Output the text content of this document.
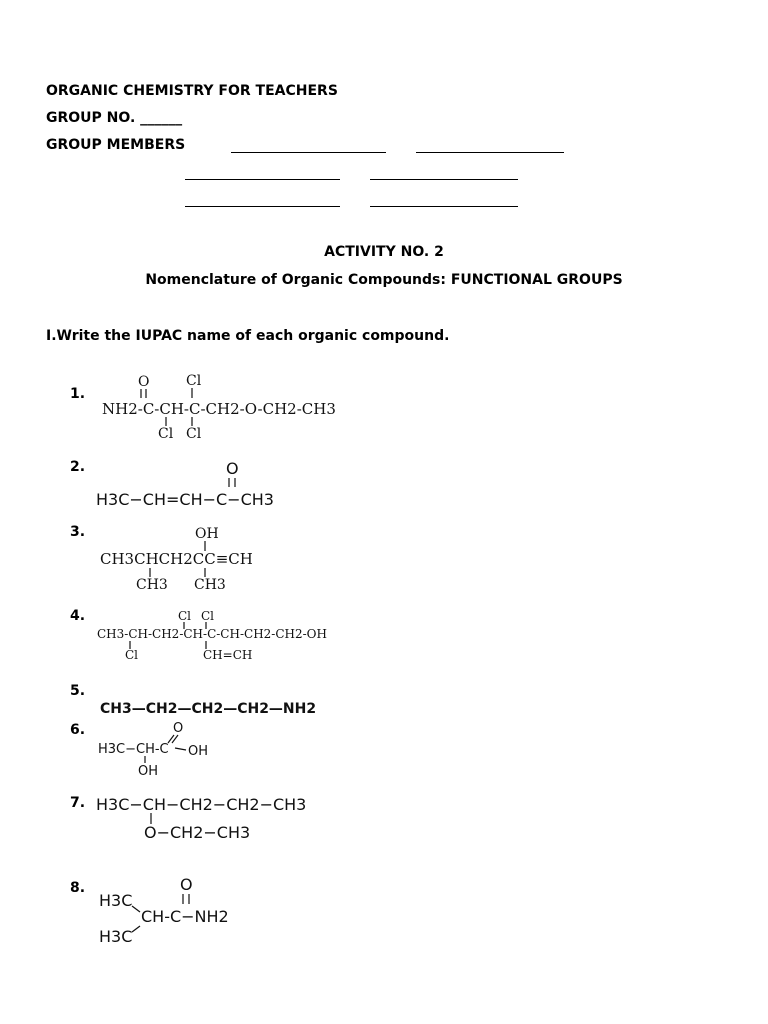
ORGANIC CHEMISTRY FOR TEACHERS
GROUP NO. ______
GROUP MEMBERS
ACTIVITY NO. 2
Nomenclature of Organic Compounds: FUNCTIONAL GROUPS
I.Write the IUPAC name of each organic compound.
1.
2.
3.
4.
5.
6.
7.
8.
O	Cl
NH2-C-CH-C-CH2-O-CH2-CH3
Cl Cl
O
H3C−CH=CH−C−CH3
OH
CH3CHCH2CC≡CH
CH3 CH3
Cl Cl
CH3-CH-CH2-CH-C-CH-CH2-CH2-OH
Cl	CH=CH
CH3—CH2—CH2—CH2—NH2
O
H3C−CH-C OH
OH
H3C−CH−CH2−CH2−CH3
O−CH2−CH3
O
H3C
CH-C−NH2
H3C
